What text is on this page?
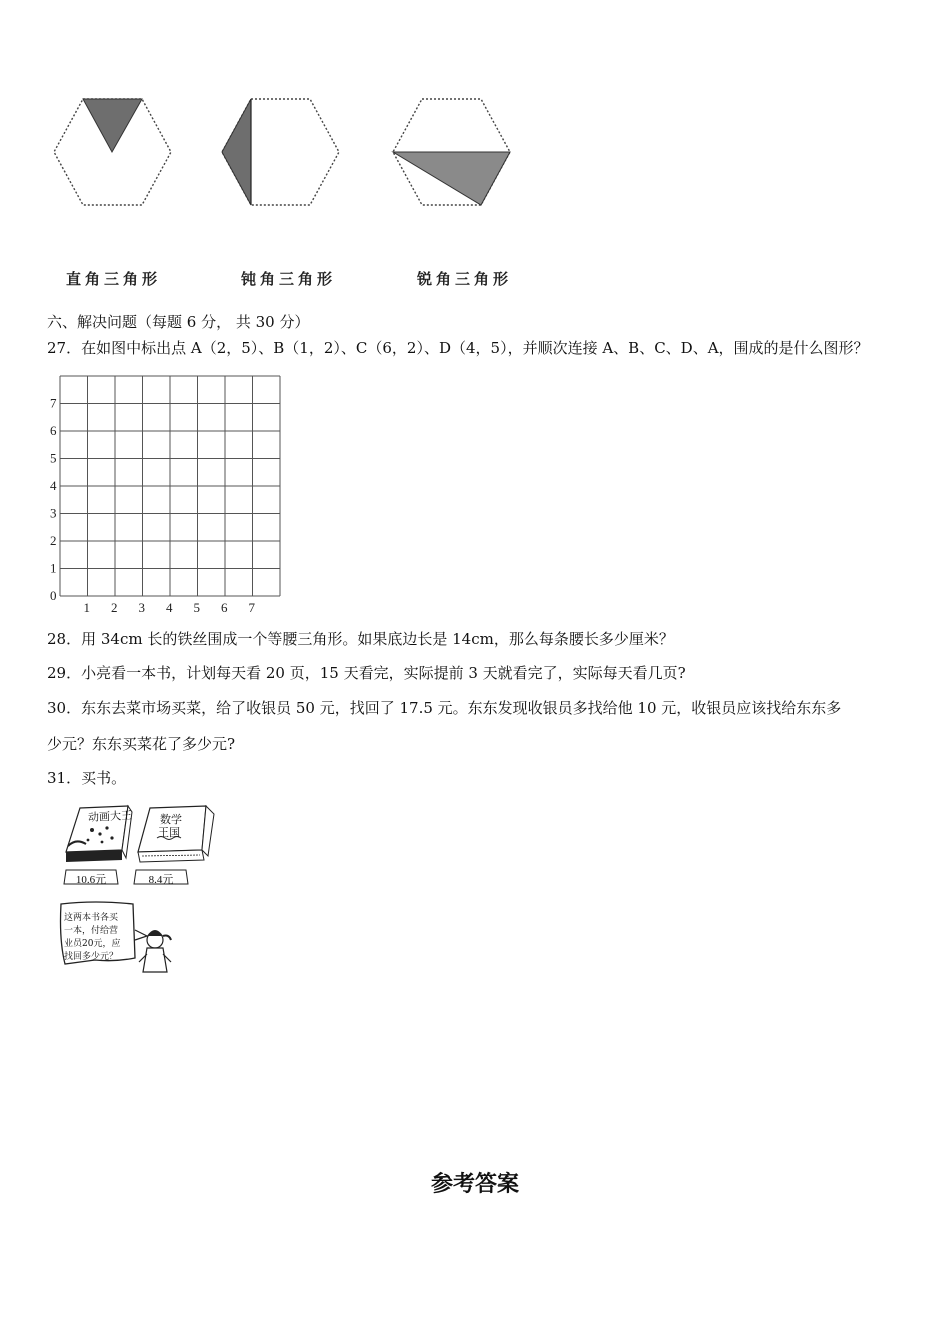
直角三角形	钝角三角形	锐角三角形
六、解决问题（每题 6 分， 共 30 分）
27．在如图中标出点 A（2，5）、B（1，2）、C（6，2）、D（4，5），并顺次连接 A、B、C、D、A，围成的是什么图形？
0
1
2
3
4
5
6
7
1 2 3 4 5 6 7
28．用 34cm 长的铁丝围成一个等腰三角形。如果底边长是 14cm，那么每条腰长多少厘米？
29．小亮看一本书，计划每天看 20 页，15 天看完，实际提前 3 天就看完了，实际每天看几页?
30．东东去菜市场买菜，给了收银员 50 元，找回了 17.5 元。东东发现收银员多找给他 10 元，收银员应该找给东东多
少元？东东买菜花了多少元?
31．买书。
动画大王	数学
王国
10.6元	8.4元
这两本书各买
一本，付给营
业员20元，应
找回多少元？
参考答案
